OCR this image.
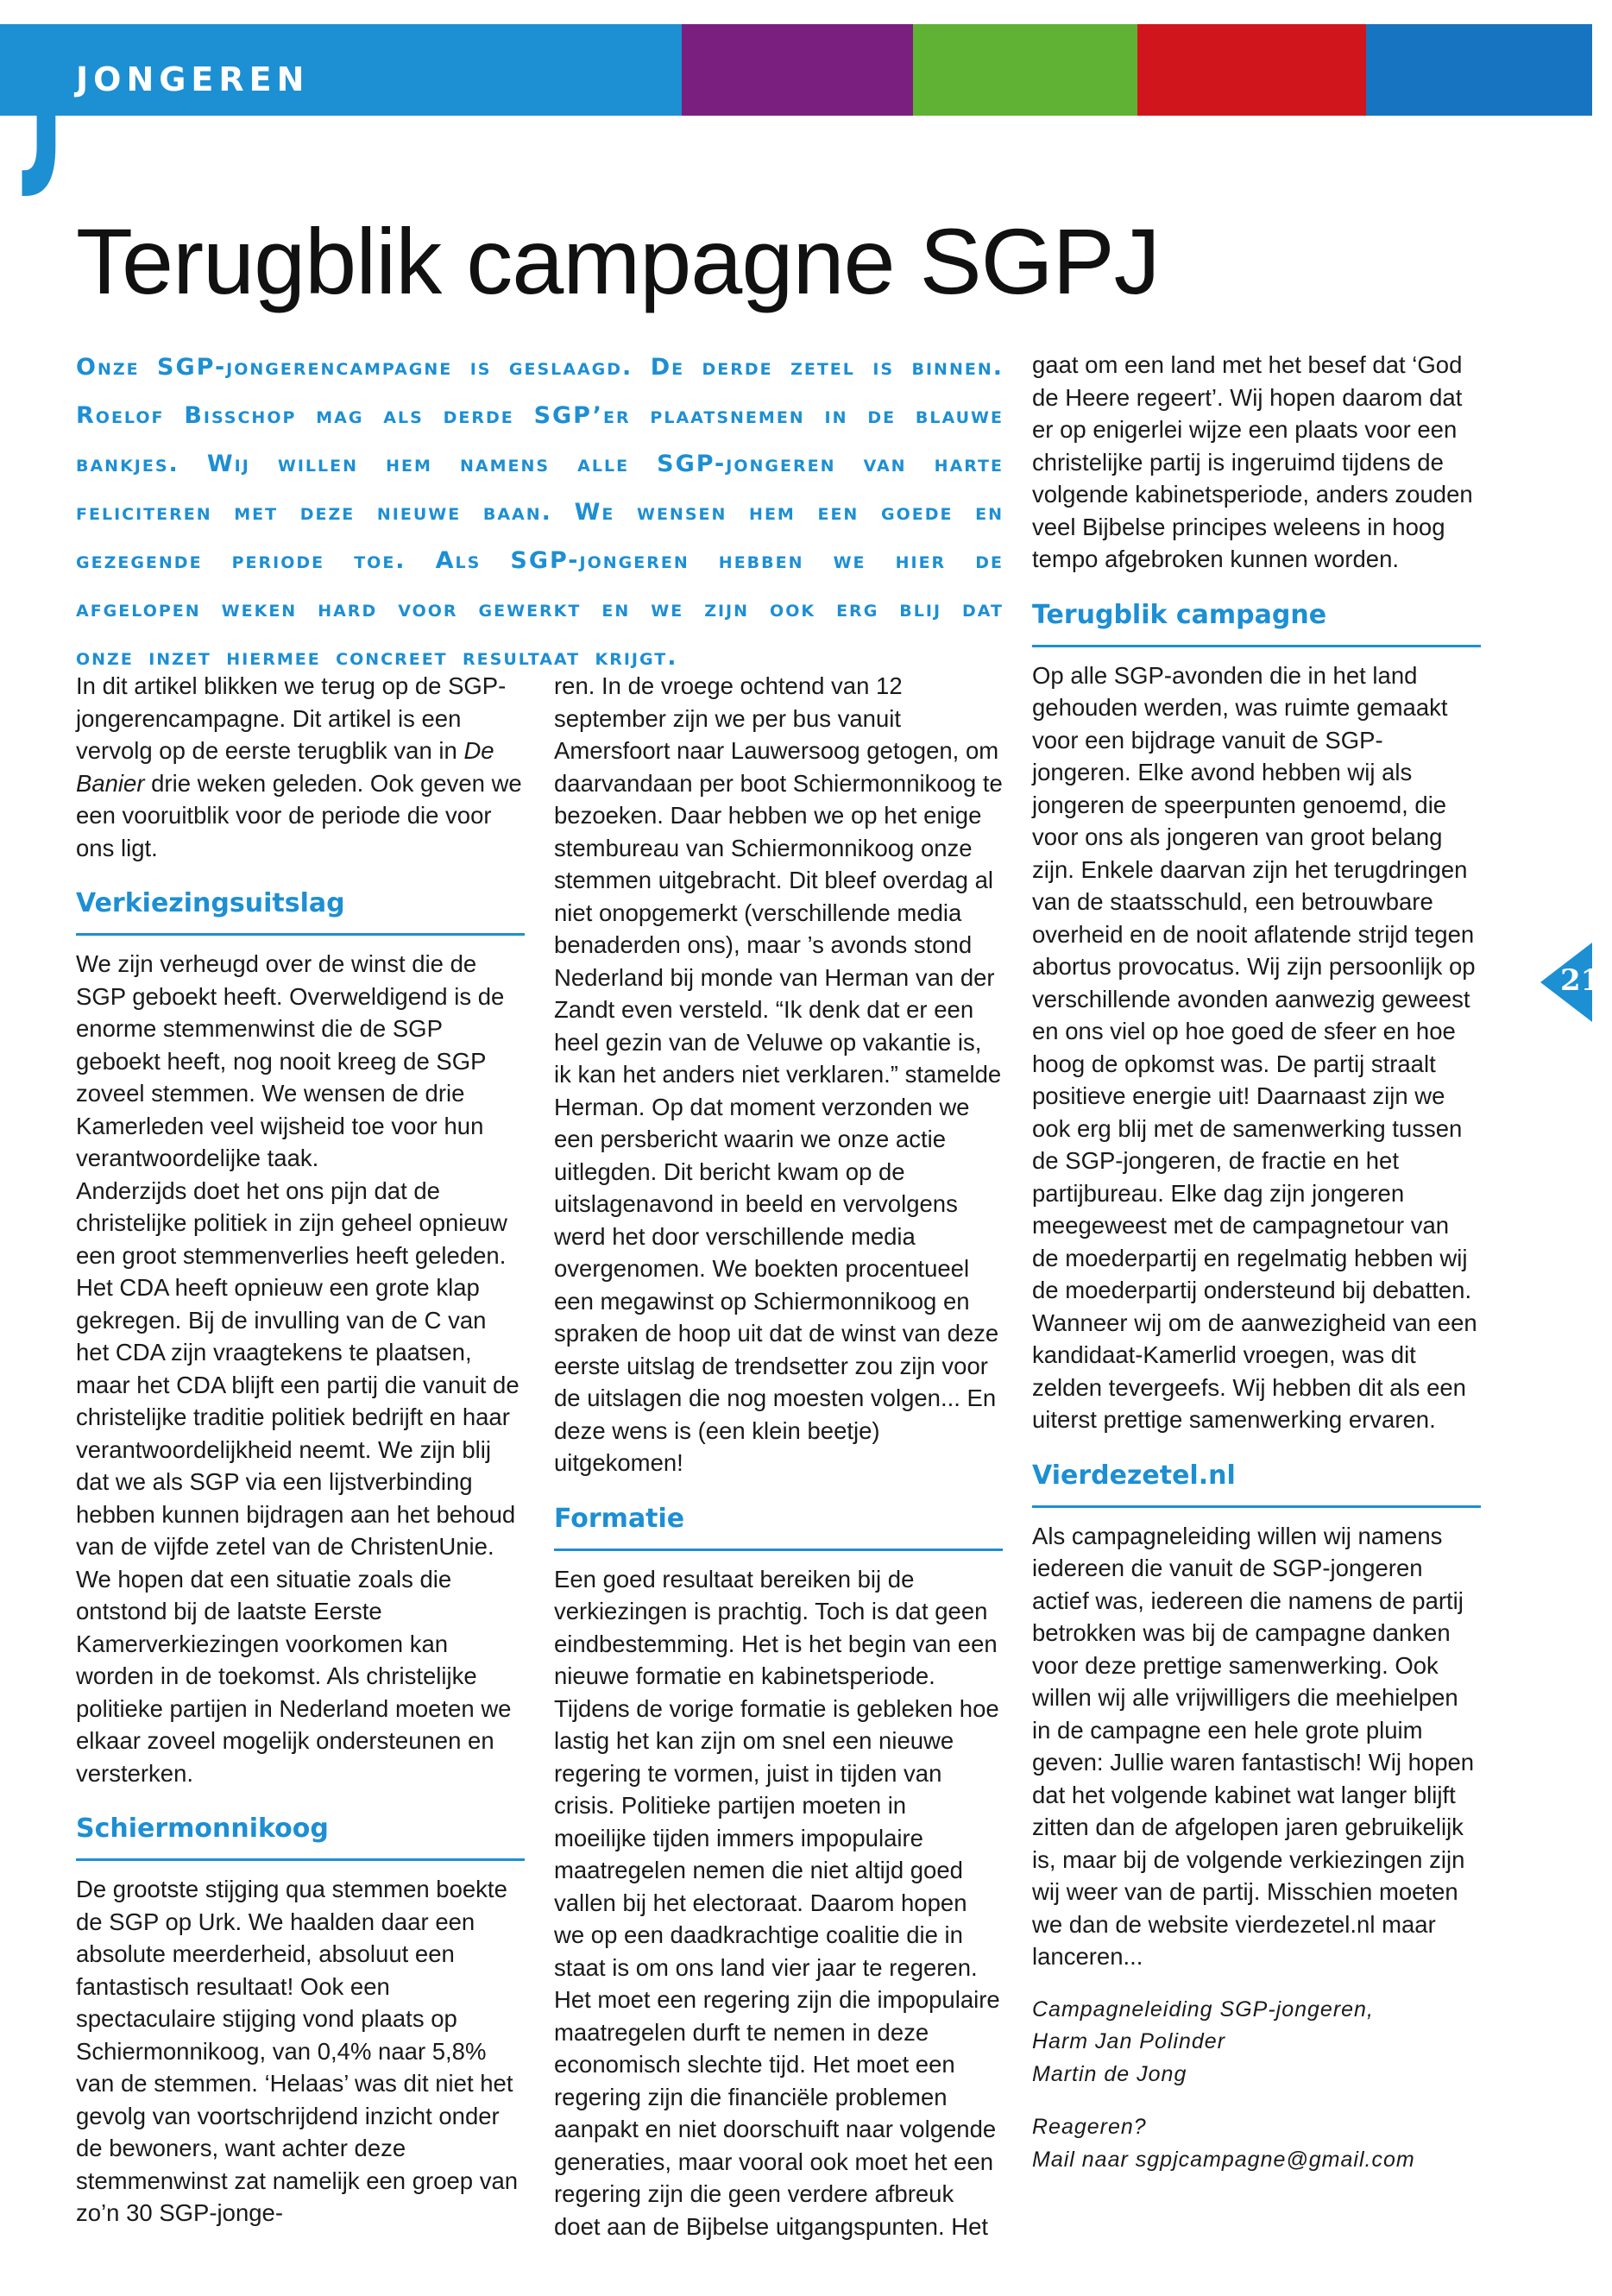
J JONGEREN
Terugblik campagne SGPJ
Onze SGP-jongerencampagne is geslaagd. De derde zetel is binnen. Roelof Bisschop mag als derde SGP’er plaatsnemen in de blauwe bankjes. Wij willen hem namens alle SGP-jongeren van harte feliciteren met deze nieuwe baan. We wensen hem een goede en gezegende periode toe. Als SGP-jongeren hebben we hier de afgelopen weken hard voor gewerkt en we zijn ook erg blij dat onze inzet hiermee concreet resultaat krijgt.

In dit artikel blikken we terug op de SGP-jongerencampagne. Dit artikel is een vervolg op de eerste terugblik van in De Banier drie weken geleden. Ook geven we een vooruitblik voor de periode die voor ons ligt.

Verkiezingsuitslag

We zijn verheugd over de winst die de SGP geboekt heeft. Overweldigend is de enorme stemmenwinst die de SGP geboekt heeft, nog nooit kreeg de SGP zoveel stemmen. We wensen de drie Kamerleden veel wijsheid toe voor hun verantwoordelijke taak.

Anderzijds doet het ons pijn dat de christelijke politiek in zijn geheel opnieuw een groot stemmenverlies heeft geleden. Het CDA heeft opnieuw een grote klap gekregen. Bij de invulling van de C van het CDA zijn vraagtekens te plaatsen, maar het CDA blijft een partij die vanuit de christelijke traditie politiek bedrijft en haar verantwoordelijkheid neemt. We zijn blij dat we als SGP via een lijstverbinding hebben kunnen bijdragen aan het behoud van de vijfde zetel van de ChristenUnie. We hopen dat een situatie zoals die ontstond bij de laatste Eerste Kamerverkiezingen voorkomen kan worden in de toekomst. Als christelijke politieke partijen in Nederland moeten we elkaar zoveel mogelijk ondersteunen en versterken.

Schiermonnikoog

De grootste stijging qua stemmen boekte de SGP op Urk. We haalden daar een absolute meerderheid, absoluut een fantastisch resultaat! Ook een spectaculaire stijging vond plaats op Schiermonnikoog, van 0,4% naar 5,8% van de stemmen. ‘Helaas’ was dit niet het gevolg van voortschrijdend inzicht onder de bewoners, want achter deze stemmenwinst zat namelijk een groep van zo’n 30 SGP-jonge-

ren. In de vroege ochtend van 12 september zijn we per bus vanuit Amersfoort naar Lauwersoog getogen, om daarvandaan per boot Schiermonnikoog te bezoeken. Daar hebben we op het enige stembureau van Schiermonnikoog onze stemmen uitgebracht. Dit bleef overdag al niet onopgemerkt (verschillende media benaderden ons), maar ’s avonds stond Nederland bij monde van Herman van der Zandt even versteld. “Ik denk dat er een heel gezin van de Veluwe op vakantie is, ik kan het anders niet verklaren.” stamelde Herman. Op dat moment verzonden we een persbericht waarin we onze actie uitlegden. Dit bericht kwam op de uitslagenavond in beeld en vervolgens werd het door verschillende media overgenomen. We boekten procentueel een megawinst op Schiermonnikoog en spraken de hoop uit dat de winst van deze eerste uitslag de trendsetter zou zijn voor de uitslagen die nog moesten volgen... En deze wens is (een klein beetje) uitgekomen!

Formatie

Een goed resultaat bereiken bij de verkiezingen is prachtig. Toch is dat geen eindbestemming. Het is het begin van een nieuwe formatie en kabinetsperiode. Tijdens de vorige formatie is gebleken hoe lastig het kan zijn om snel een nieuwe regering te vormen, juist in tijden van crisis. Politieke partijen moeten in moeilijke tijden immers impopulaire maatregelen nemen die niet altijd goed vallen bij het electoraat. Daarom hopen we op een daadkrachtige coalitie die in staat is om ons land vier jaar te regeren. Het moet een regering zijn die impopulaire maatregelen durft te nemen in deze economisch slechte tijd. Het moet een regering zijn die financiële problemen aanpakt en niet doorschuift naar volgende generaties, maar vooral ook moet het een regering zijn die geen verdere afbreuk doet aan de Bijbelse uitgangspunten. Het

gaat om een land met het besef dat ‘God de Heere regeert’. Wij hopen daarom dat er op enigerlei wijze een plaats voor een christelijke partij is ingeruimd tijdens de volgende kabinetsperiode, anders zouden veel Bijbelse principes weleens in hoog tempo afgebroken kunnen worden.

Terugblik campagne

Op alle SGP-avonden die in het land gehouden werden, was ruimte gemaakt voor een bijdrage vanuit de SGP-jongeren. Elke avond hebben wij als jongeren de speerpunten genoemd, die voor ons als jongeren van groot belang zijn. Enkele daarvan zijn het terugdringen van de staatsschuld, een betrouwbare overheid en de nooit aflatende strijd tegen abortus provocatus. Wij zijn persoonlijk op verschillende avonden aanwezig geweest en ons viel op hoe goed de sfeer en hoe hoog de opkomst was. De partij straalt positieve energie uit! Daarnaast zijn we ook erg blij met de samenwerking tussen de SGP-jongeren, de fractie en het partijbureau. Elke dag zijn jongeren meegeweest met de campagnetour van de moederpartij en regelmatig hebben wij de moederpartij ondersteund bij debatten. Wanneer wij om de aanwezigheid van een kandidaat-Kamerlid vroegen, was dit zelden tevergeefs. Wij hebben dit als een uiterst prettige samenwerking ervaren.

Vierdezetel.nl

Als campagneleiding willen wij namens iedereen die vanuit de SGP-jongeren actief was, iedereen die namens de partij betrokken was bij de campagne danken voor deze prettige samenwerking. Ook willen wij alle vrijwilligers die meehielpen in de campagne een hele grote pluim geven: Jullie waren fantastisch! Wij hopen dat het volgende kabinet wat langer blijft zitten dan de afgelopen jaren gebruikelijk is, maar bij de volgende verkiezingen zijn wij weer van de partij. Misschien moeten we dan de website vierdezetel.nl maar lanceren...

Campagneleiding SGP-jongeren,

Harm Jan Polinder

Martin de Jong

Reageren?

Mail naar sgpjcampagne@gmail.com

21
